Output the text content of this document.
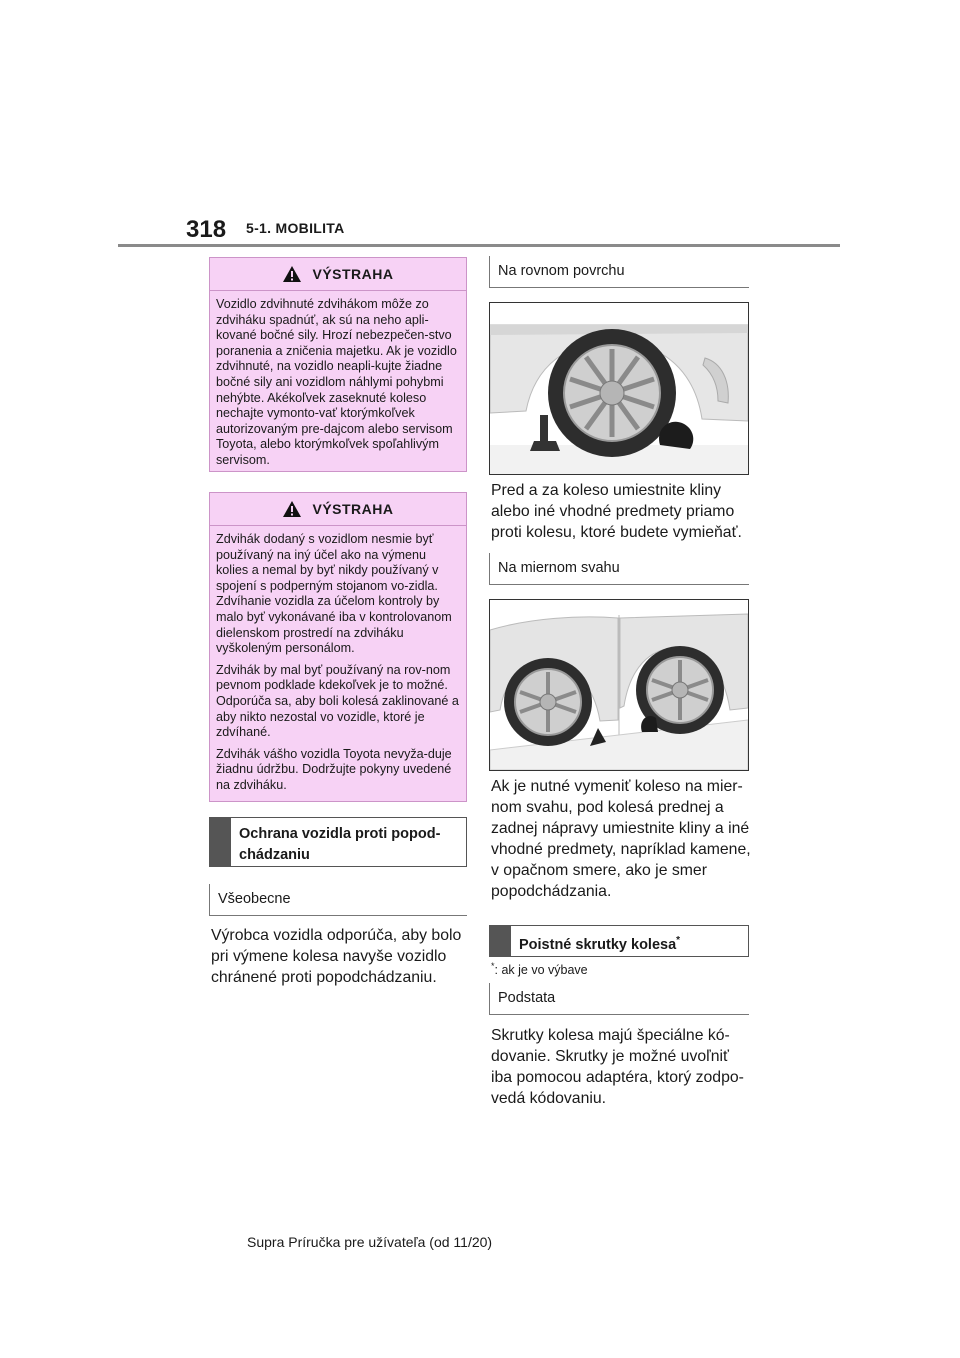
318 5-1. MOBILITA
VÝSTRAHA

Vozidlo zdvihnuté zdvihákom môže zo zdviháku spadnúť, ak sú na neho apli-kované bočné sily. Hrozí nebezpečen-stvo poranenia a zničenia majetku. Ak je vozidlo zdvihnuté, na vozidlo neapli-kujte žiadne bočné sily ani vozidlom náhlymi pohybmi nehýbte. Akékoľvek zaseknuté koleso nechajte vymonto-vať ktorýmkoľvek autorizovaným pre-dajcom alebo servisom Toyota, alebo ktorýmkoľvek spoľahlivým servisom.

VÝSTRAHA

Zdvihák dodaný s vozidlom nesmie byť používaný na iný účel ako na výmenu kolies a nemal by byť nikdy používaný v spojení s podperným stojanom vo-zidla. Zdvíhanie vozidla za účelom kontroly by malo byť vykonávané iba v kontrolovanom dielenskom prostredí na zdviháku vyškoleným personálom.

Zdvihák by mal byť používaný na rov-nom pevnom podklade kdekoľvek je to možné. Odporúča sa, aby boli kolesá zaklinované a aby nikto nezostal vo vozidle, ktoré je zdvíhané.

Zdvihák vášho vozidla Toyota nevyža-duje žiadnu údržbu. Dodržujte pokyny uvedené na zdviháku.

Ochrana vozidla proti popod-chádzaniu
Všeobecne
Výrobca vozidla odporúča, aby bolo pri výmene kolesa navyše vozidlo chránené proti popodchádzaniu.
Na rovnom povrchu
Pred a za koleso umiestnite kliny alebo iné vhodné predmety priamo proti kolesu, ktoré budete vymieňať.
Na miernom svahu
Ak je nutné vymeniť koleso na mier-nom svahu, pod kolesá prednej a zadnej nápravy umiestnite kliny a iné vhodné predmety, napríklad kamene, v opačnom smere, ako je smer popodchádzania.
Poistné skrutky kolesa*
*: ak je vo výbave
Podstata
Skrutky kolesa majú špeciálne kó-dovanie. Skrutky je možné uvoľniť iba pomocou adaptéra, ktorý zodpo-vedá kódovaniu.
Supra Príručka pre užívateľa (od 11/20)
